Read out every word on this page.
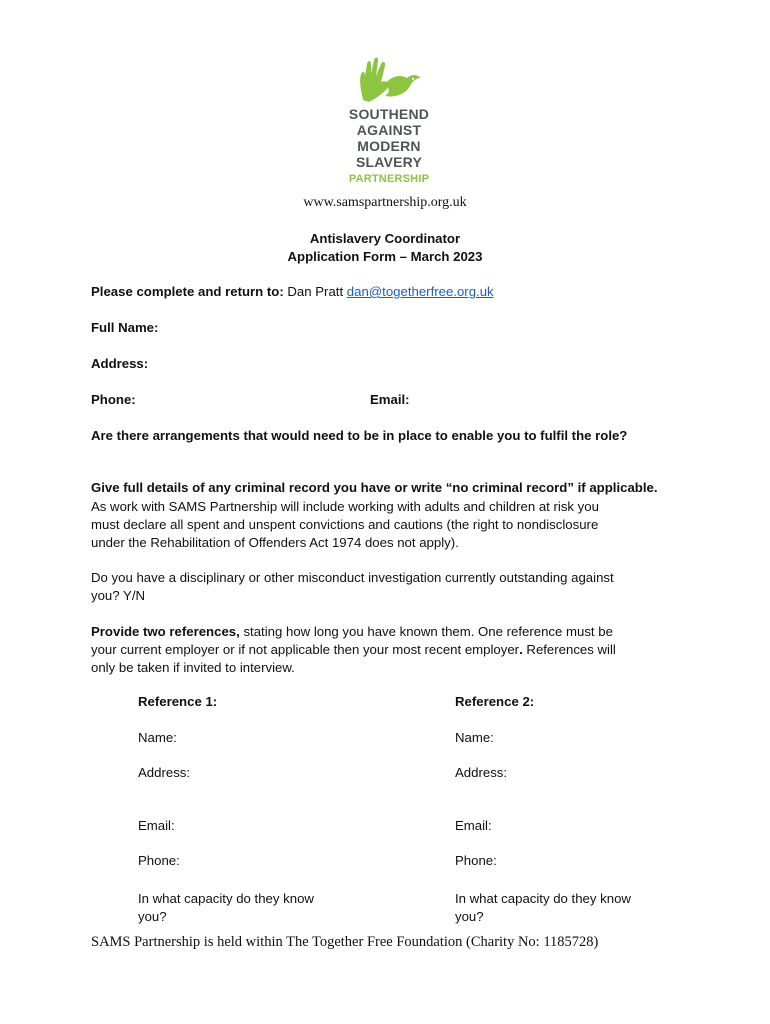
SOUTHEND
AGAINST
MODERN
SLAVERY
PARTNERSHIP
www.samspartnership.org.uk
Antislavery Coordinator
Application Form – March 2023
Please complete and return to: Dan Pratt dan@togetherfree.org.uk
Full Name:
Address:
Phone:	Email:
Are there arrangements that would need to be in place to enable you to fulfil the role?
Give full details of any criminal record you have or write “no criminal record” if applicable.
As work with SAMS Partnership will include working with adults and children at risk you
must declare all spent and unspent convictions and cautions (the right to nondisclosure
under the Rehabilitation of Offenders Act 1974 does not apply).
Do you have a disciplinary or other misconduct investigation currently outstanding against
you? Y/N
Provide two references, stating how long you have known them. One reference must be
your current employer or if not applicable then your most recent employer. References will
only be taken if invited to interview.
Reference 1:
Name:
Address:
Email:
Phone:
In what capacity do they know
you?
Reference 2:
Name:
Address:
Email:
Phone:
In what capacity do they know
you?
SAMS Partnership is held within The Together Free Foundation (Charity No: 1185728)
